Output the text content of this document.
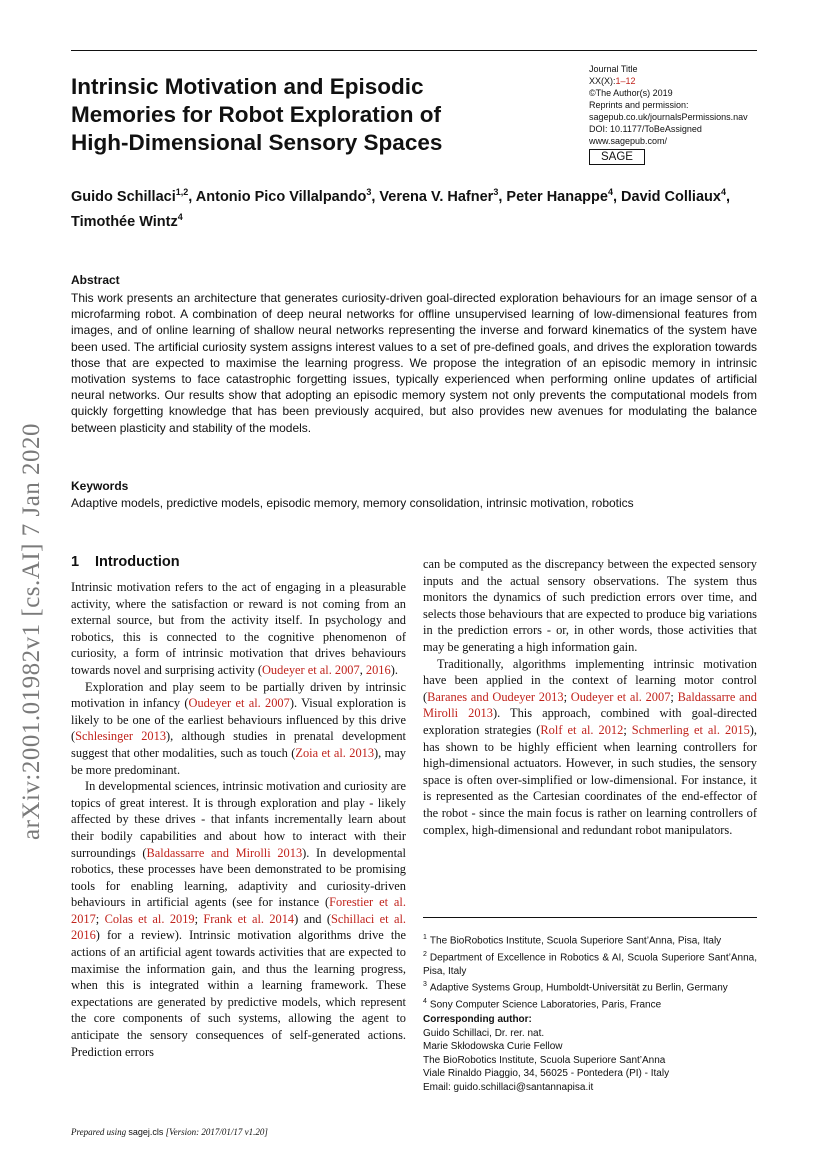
Intrinsic Motivation and Episodic
Memories for Robot Exploration of
High-Dimensional Sensory Spaces
Journal Title
XX(X):1–12
©The Author(s) 2019
Reprints and permission:
sagepub.co.uk/journalsPermissions.nav
DOI: 10.1177/ToBeAssigned
www.sagepub.com/
SAGE
Guido Schillaci$^{1,2}$, Antonio Pico Villalpando$^3$, Verena V. Hafner$^3$, Peter Hanappe$^4$, David Colliaux$^4$, Timothée Wintz$^4$
arXiv:2001.01982v1 [cs.AI] 7 Jan 2020
Abstract
This work presents an architecture that generates curiosity-driven goal-directed exploration behaviours for an image sensor of a microfarming robot. A combination of deep neural networks for offline unsupervised learning of low-dimensional features from images, and of online learning of shallow neural networks representing the inverse and forward kinematics of the system have been used. The artificial curiosity system assigns interest values to a set of pre-defined goals, and drives the exploration towards those that are expected to maximise the learning progress. We propose the integration of an episodic memory in intrinsic motivation systems to face catastrophic forgetting issues, typically experienced when performing online updates of artificial neural networks. Our results show that adopting an episodic memory system not only prevents the computational models from quickly forgetting knowledge that has been previously acquired, but also provides new avenues for modulating the balance between plasticity and stability of the models.
Keywords
Adaptive models, predictive models, episodic memory, memory consolidation, intrinsic motivation, robotics
1 Introduction

Intrinsic motivation refers to the act of engaging in a pleasurable activity, where the satisfaction or reward is not coming from an external source, but from the activity itself. In psychology and robotics, this is connected to the cognitive phenomenon of curiosity, a form of intrinsic motivation that drives behaviours towards novel and surprising activity (Oudeyer et al. 2007, 2016).

Exploration and play seem to be partially driven by intrinsic motivation in infancy (Oudeyer et al. 2007). Visual exploration is likely to be one of the earliest behaviours influenced by this drive (Schlesinger 2013), although studies in prenatal development suggest that other modalities, such as touch (Zoia et al. 2013), may be more predominant.

In developmental sciences, intrinsic motivation and curiosity are topics of great interest. It is through exploration and play - likely affected by these drives - that infants incrementally learn about their bodily capabilities and about how to interact with their surroundings (Baldassarre and Mirolli 2013). In developmental robotics, these processes have been demonstrated to be promising tools for enabling learning, adaptivity and curiosity-driven behaviours in artificial agents (see for instance (Forestier et al. 2017; Colas et al. 2019; Frank et al. 2014) and (Schillaci et al. 2016) for a review). Intrinsic motivation algorithms drive the actions of an artificial agent towards activities that are expected to maximise the information gain, and thus the learning progress, when this is integrated within a learning framework. These expectations are generated by predictive models, which represent the core components of such systems, allowing the agent to anticipate the sensory consequences of self-generated actions. Prediction errors

can be computed as the discrepancy between the expected sensory inputs and the actual sensory observations. The system thus monitors the dynamics of such prediction errors over time, and selects those behaviours that are expected to produce big variations in the prediction errors - or, in other words, those activities that may be generating a high information gain.

Traditionally, algorithms implementing intrinsic motivation have been applied in the context of learning motor control (Baranes and Oudeyer 2013; Oudeyer et al. 2007; Baldassarre and Mirolli 2013). This approach, combined with goal-directed exploration strategies (Rolf et al. 2012; Schmerling et al. 2015), has shown to be highly efficient when learning controllers for high-dimensional actuators. However, in such studies, the sensory space is often over-simplified or low-dimensional. For instance, it is represented as the Cartesian coordinates of the end-effector of the robot - since the main focus is rather on learning controllers of complex, high-dimensional and redundant robot manipulators.

$^1$ The BioRobotics Institute, Scuola Superiore Sant’Anna, Pisa, Italy
$^2$ Department of Excellence in Robotics & AI, Scuola Superiore Sant’Anna, Pisa, Italy
$^3$ Adaptive Systems Group, Humboldt-Universität zu Berlin, Germany
$^4$ Sony Computer Science Laboratories, Paris, France
Corresponding author:
Guido Schillaci, Dr. rer. nat.
Marie Skłodowska Curie Fellow
The BioRobotics Institute, Scuola Superiore Sant’Anna
Viale Rinaldo Piaggio, 34, 56025 - Pontedera (PI) - Italy
Email: guido.schillaci@santannapisa.it
Prepared using sagej.cls [Version: 2017/01/17 v1.20]
